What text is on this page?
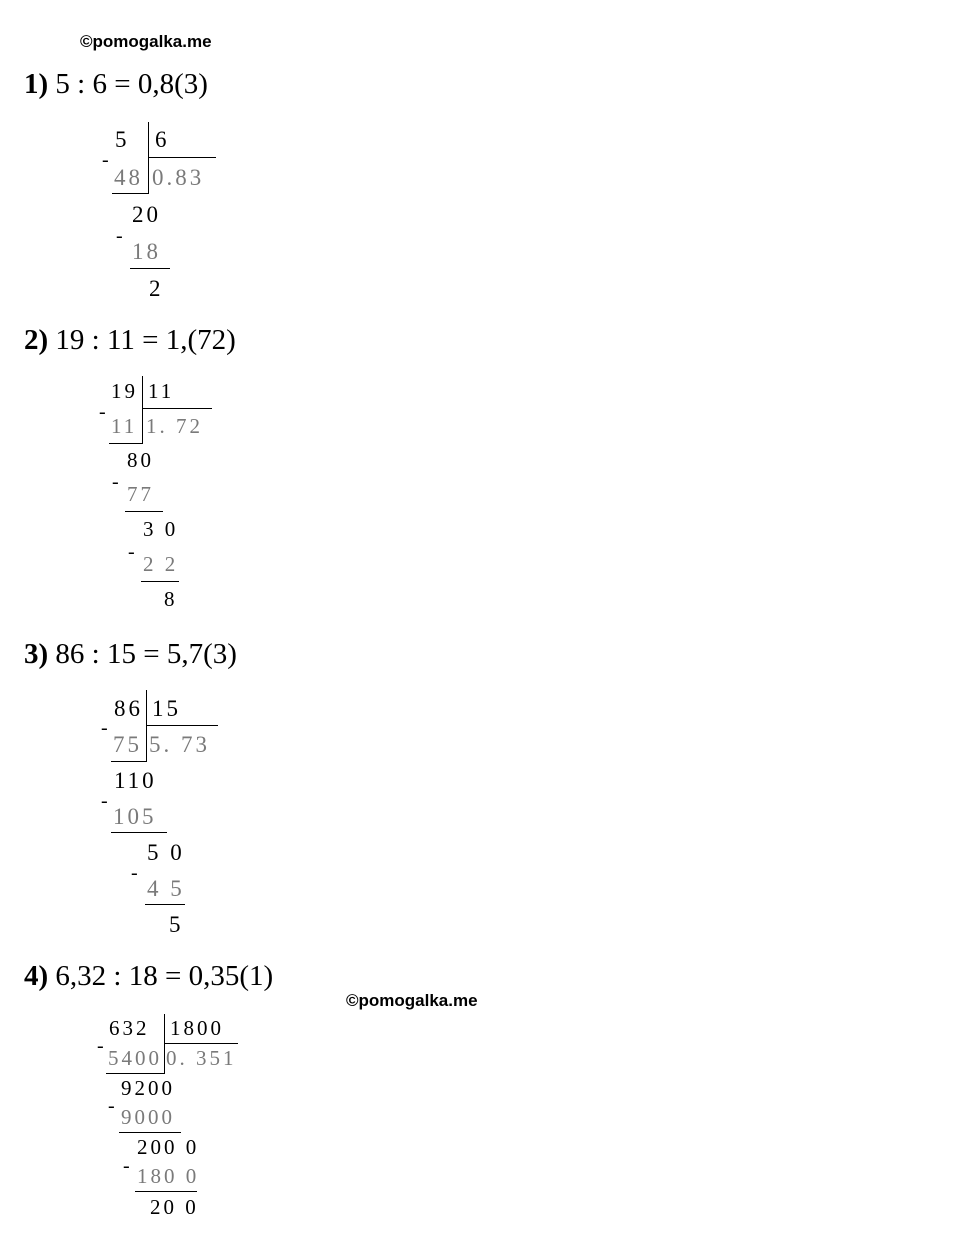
©pomogalka.me
©pomogalka.me
1) 5 : 6 = 0,8(3)
5 6
-
48 0.83
20
-
18
2
2) 19 : 11 = 1,(72)
19 11
-
11 1. 72
80
- 77
3 0
- 2 2
8
3) 86 : 15 = 5,7(3)
86 15
-
75 5. 73
110
-
105
5 0
-
4 5
5
4) 6,32 : 18 = 0,35(1)
632 1800
- 5400 0. 351
9200
- 9000
200 0
- 180 0
20 0
